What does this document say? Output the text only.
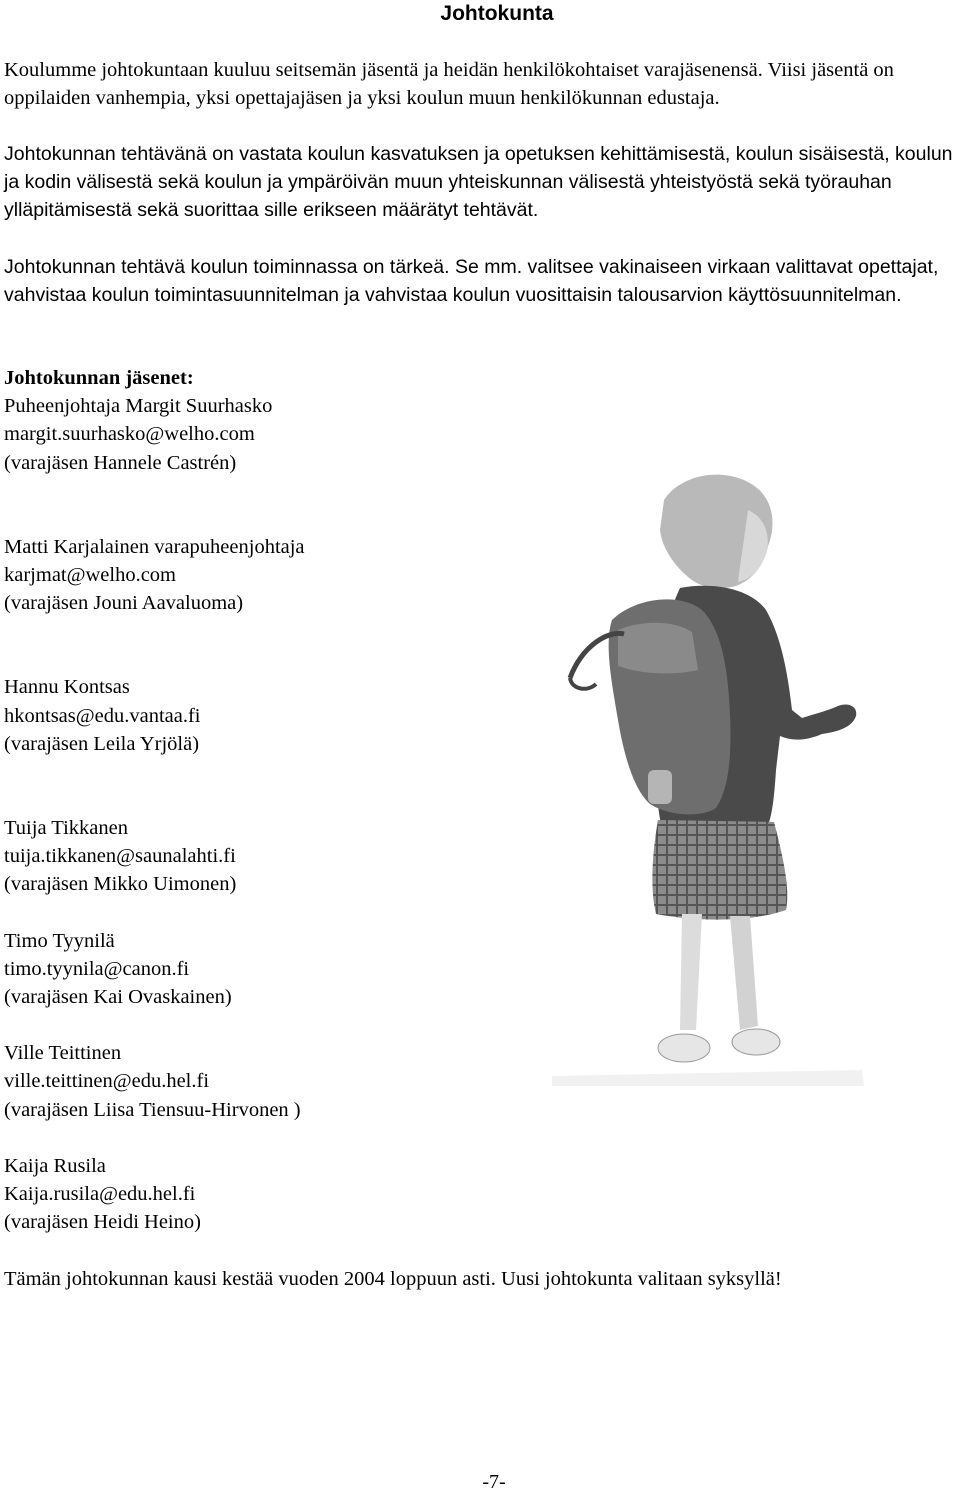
Johtokunta
Koulumme johtokuntaan kuuluu seitsemän jäsentä ja heidän henkilökohtaiset varajäsenensä. Viisi jäsentä on oppilaiden vanhempia, yksi opettajajäsen ja yksi koulun muun henkilökunnan edustaja.
Johtokunnan tehtävänä on vastata koulun kasvatuksen ja opetuksen kehittämisestä, koulun sisäisestä, koulun ja kodin välisestä sekä koulun ja ympäröivän muun yhteiskunnan välisestä yhteistyöstä sekä työrauhan ylläpitämisestä sekä suorittaa sille erikseen määrätyt tehtävät.
Johtokunnan tehtävä koulun toiminnassa on tärkeä. Se mm. valitsee vakinaiseen virkaan valittavat opettajat, vahvistaa koulun toimintasuunnitelman ja vahvistaa koulun vuosittaisin talousarvion käyttösuunnitelman.
Johtokunnan jäsenet:
Puheenjohtaja Margit Suurhasko
margit.suurhasko@welho.com
(varajäsen Hannele Castrén)
Matti Karjalainen varapuheenjohtaja
karjmat@welho.com
(varajäsen Jouni Aavaluoma)
Hannu Kontsas
hkontsas@edu.vantaa.fi
(varajäsen Leila Yrjölä)
Tuija Tikkanen
tuija.tikkanen@saunalahti.fi
(varajäsen Mikko Uimonen)
Timo Tyynilä
timo.tyynila@canon.fi
(varajäsen Kai Ovaskainen)
Ville Teittinen
ville.teittinen@edu.hel.fi
(varajäsen Liisa Tiensuu-Hirvonen )
Kaija Rusila
Kaija.rusila@edu.hel.fi
(varajäsen Heidi Heino)
Tämän johtokunnan kausi kestää vuoden 2004 loppuun asti. Uusi johtokunta valitaan syksyllä!
-7-
